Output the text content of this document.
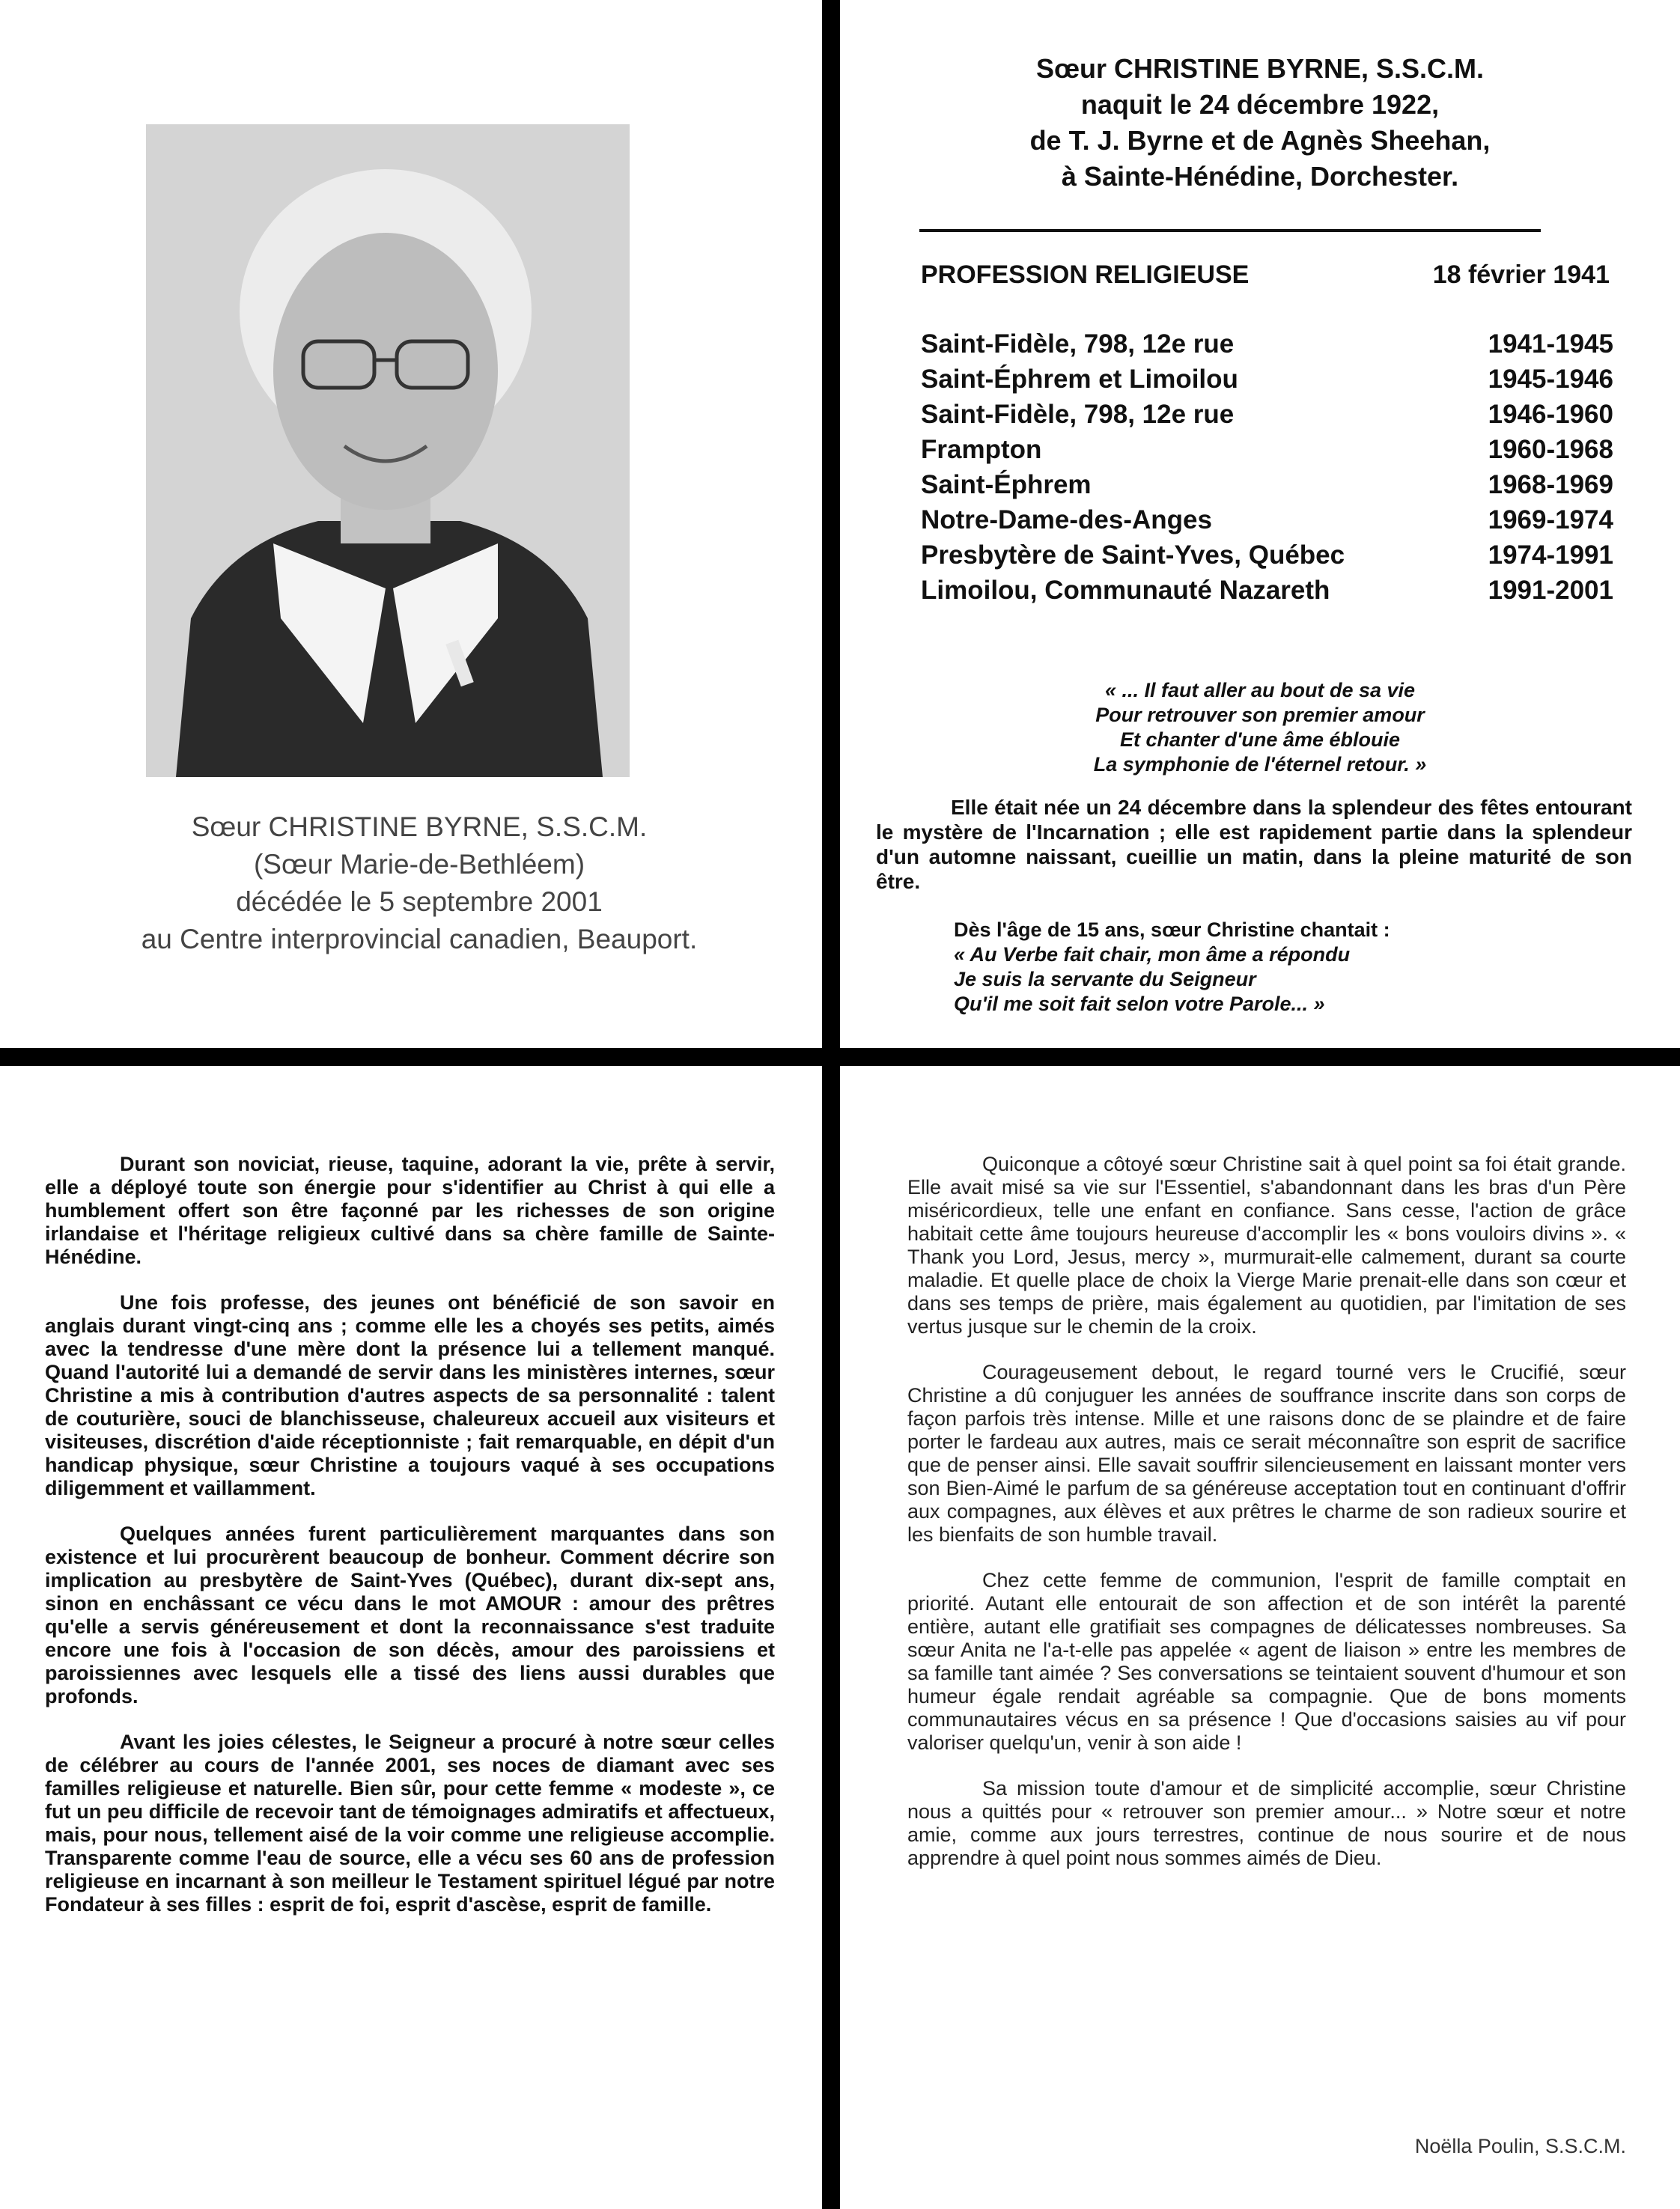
Sœur CHRISTINE BYRNE, S.S.C.M.
(Sœur Marie-de-Bethléem)
décédée le 5 septembre 2001
au Centre interprovincial canadien, Beauport.
Sœur CHRISTINE BYRNE, S.S.C.M.
naquit le 24 décembre 1922,
de T. J. Byrne et de Agnès Sheehan,
à Sainte-Hénédine, Dorchester.
PROFESSION RELIGIEUSE	18 février 1941
Saint-Fidèle, 798, 12e rue	1941-1945
Saint-Éphrem et Limoilou	1945-1946
Saint-Fidèle, 798, 12e rue	1946-1960
Frampton	1960-1968
Saint-Éphrem	1968-1969
Notre-Dame-des-Anges	1969-1974
Presbytère de Saint-Yves, Québec	1974-1991
Limoilou, Communauté Nazareth	1991-2001
« ... Il faut aller au bout de sa vie
Pour retrouver son premier amour
Et chanter d'une âme éblouie
La symphonie de l'éternel retour. »
Elle était née un 24 décembre dans la splendeur des fêtes entourant le mystère de l'Incarnation ; elle est rapidement partie dans la splendeur d'un automne naissant, cueillie un matin, dans la pleine maturité de son être.
Dès l'âge de 15 ans, sœur Christine chantait :
« Au Verbe fait chair, mon âme a répondu
Je suis la servante du Seigneur
Qu'il me soit fait selon votre Parole... »

Durant son noviciat, rieuse, taquine, adorant la vie, prête à servir, elle a déployé toute son énergie pour s'identifier au Christ à qui elle a humblement offert son être façonné par les richesses de son origine irlandaise et l'héritage religieux cultivé dans sa chère famille de Sainte-Hénédine.

Une fois professe, des jeunes ont bénéficié de son savoir en anglais durant vingt-cinq ans ; comme elle les a choyés ses petits, aimés avec la tendresse d'une mère dont la présence lui a tellement manqué. Quand l'autorité lui a demandé de servir dans les ministères internes, sœur Christine a mis à contribution d'autres aspects de sa personnalité : talent de couturière, souci de blanchisseuse, chaleureux accueil aux visiteurs et visiteuses, discrétion d'aide réceptionniste ; fait remarquable, en dépit d'un handicap physique, sœur Christine a toujours vaqué à ses occupations diligemment et vaillamment.

Quelques années furent particulièrement marquantes dans son existence et lui procurèrent beaucoup de bonheur. Comment décrire son implication au presbytère de Saint-Yves (Québec), durant dix-sept ans, sinon en enchâssant ce vécu dans le mot AMOUR : amour des prêtres qu'elle a servis généreusement et dont la reconnaissance s'est traduite encore une fois à l'occasion de son décès, amour des paroissiens et paroissiennes avec lesquels elle a tissé des liens aussi durables que profonds.

Avant les joies célestes, le Seigneur a procuré à notre sœur celles de célébrer au cours de l'année 2001, ses noces de diamant avec ses familles religieuse et naturelle. Bien sûr, pour cette femme « modeste », ce fut un peu difficile de recevoir tant de témoignages admiratifs et affectueux, mais, pour nous, tellement aisé de la voir comme une religieuse accomplie. Transparente comme l'eau de source, elle a vécu ses 60 ans de profession religieuse en incarnant à son meilleur le Testament spirituel légué par notre Fondateur à ses filles : esprit de foi, esprit d'ascèse, esprit de famille.

Quiconque a côtoyé sœur Christine sait à quel point sa foi était grande. Elle avait misé sa vie sur l'Essentiel, s'abandonnant dans les bras d'un Père miséricordieux, telle une enfant en confiance. Sans cesse, l'action de grâce habitait cette âme toujours heureuse d'accomplir les « bons vouloirs divins ». « Thank you Lord, Jesus, mercy », murmurait-elle calmement, durant sa courte maladie. Et quelle place de choix la Vierge Marie prenait-elle dans son cœur et dans ses temps de prière, mais également au quotidien, par l'imitation de ses vertus jusque sur le chemin de la croix.

Courageusement debout, le regard tourné vers le Crucifié, sœur Christine a dû conjuguer les années de souffrance inscrite dans son corps de façon parfois très intense. Mille et une raisons donc de se plaindre et de faire porter le fardeau aux autres, mais ce serait méconnaître son esprit de sacrifice que de penser ainsi. Elle savait souffrir silencieusement en laissant monter vers son Bien-Aimé le parfum de sa généreuse acceptation tout en continuant d'offrir aux compagnes, aux élèves et aux prêtres le charme de son radieux sourire et les bienfaits de son humble travail.

Chez cette femme de communion, l'esprit de famille comptait en priorité. Autant elle entourait de son affection et de son intérêt la parenté entière, autant elle gratifiait ses compagnes de délicatesses nombreuses. Sa sœur Anita ne l'a-t-elle pas appelée « agent de liaison » entre les membres de sa famille tant aimée ? Ses conversations se teintaient souvent d'humour et son humeur égale rendait agréable sa compagnie. Que de bons moments communautaires vécus en sa présence ! Que d'occasions saisies au vif pour valoriser quelqu'un, venir à son aide !

Sa mission toute d'amour et de simplicité accomplie, sœur Christine nous a quittés pour « retrouver son premier amour... » Notre sœur et notre amie, comme aux jours terrestres, continue de nous sourire et de nous apprendre à quel point nous sommes aimés de Dieu.

Noëlla Poulin, S.S.C.M.
